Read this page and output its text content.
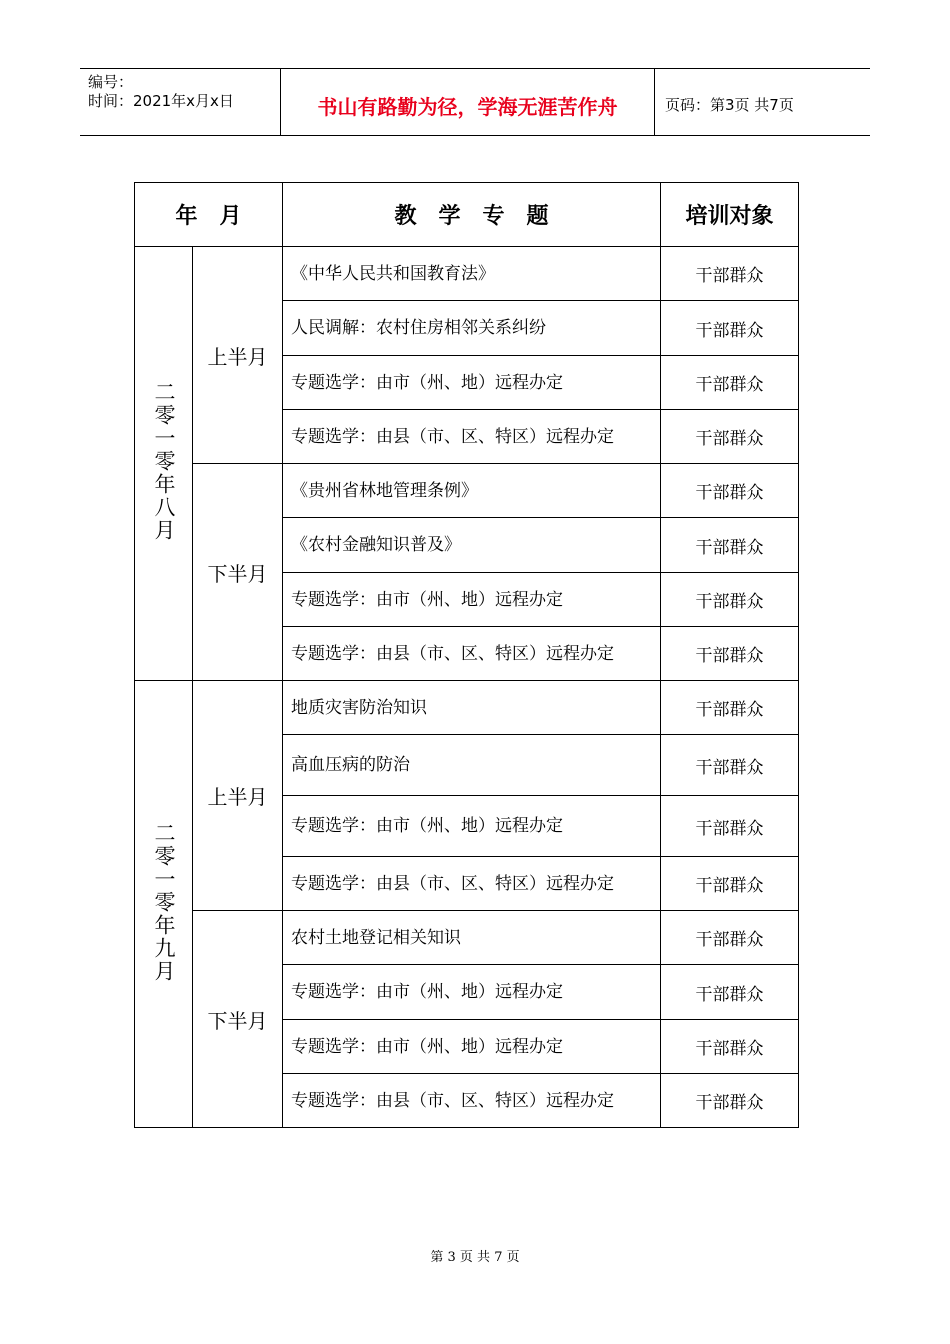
编号：
时间：2021年x月x日	书山有路勤为径，学海无涯苦作舟	页码：第3页 共7页
年　月		教　学　专　题	培训对象
二零一零年八月	上半月	《中华人民共和国教育法》	干部群众
		人民调解：农村住房相邻关系纠纷	干部群众
		专题选学：由市（州、地）远程办定	干部群众
		专题选学：由县（市、区、特区）远程办定	干部群众
	下半月	《贵州省林地管理条例》	干部群众
		《农村金融知识普及》	干部群众
		专题选学：由市（州、地）远程办定	干部群众
		专题选学：由县（市、区、特区）远程办定	干部群众
二零一零年九月	上半月	地质灾害防治知识	干部群众
		高血压病的防治	干部群众
		专题选学：由市（州、地）远程办定	干部群众
		专题选学：由县（市、区、特区）远程办定	干部群众
	下半月	农村土地登记相关知识	干部群众
		专题选学：由市（州、地）远程办定	干部群众
		专题选学：由市（州、地）远程办定	干部群众
		专题选学：由县（市、区、特区）远程办定	干部群众
第 3 页 共 7 页
